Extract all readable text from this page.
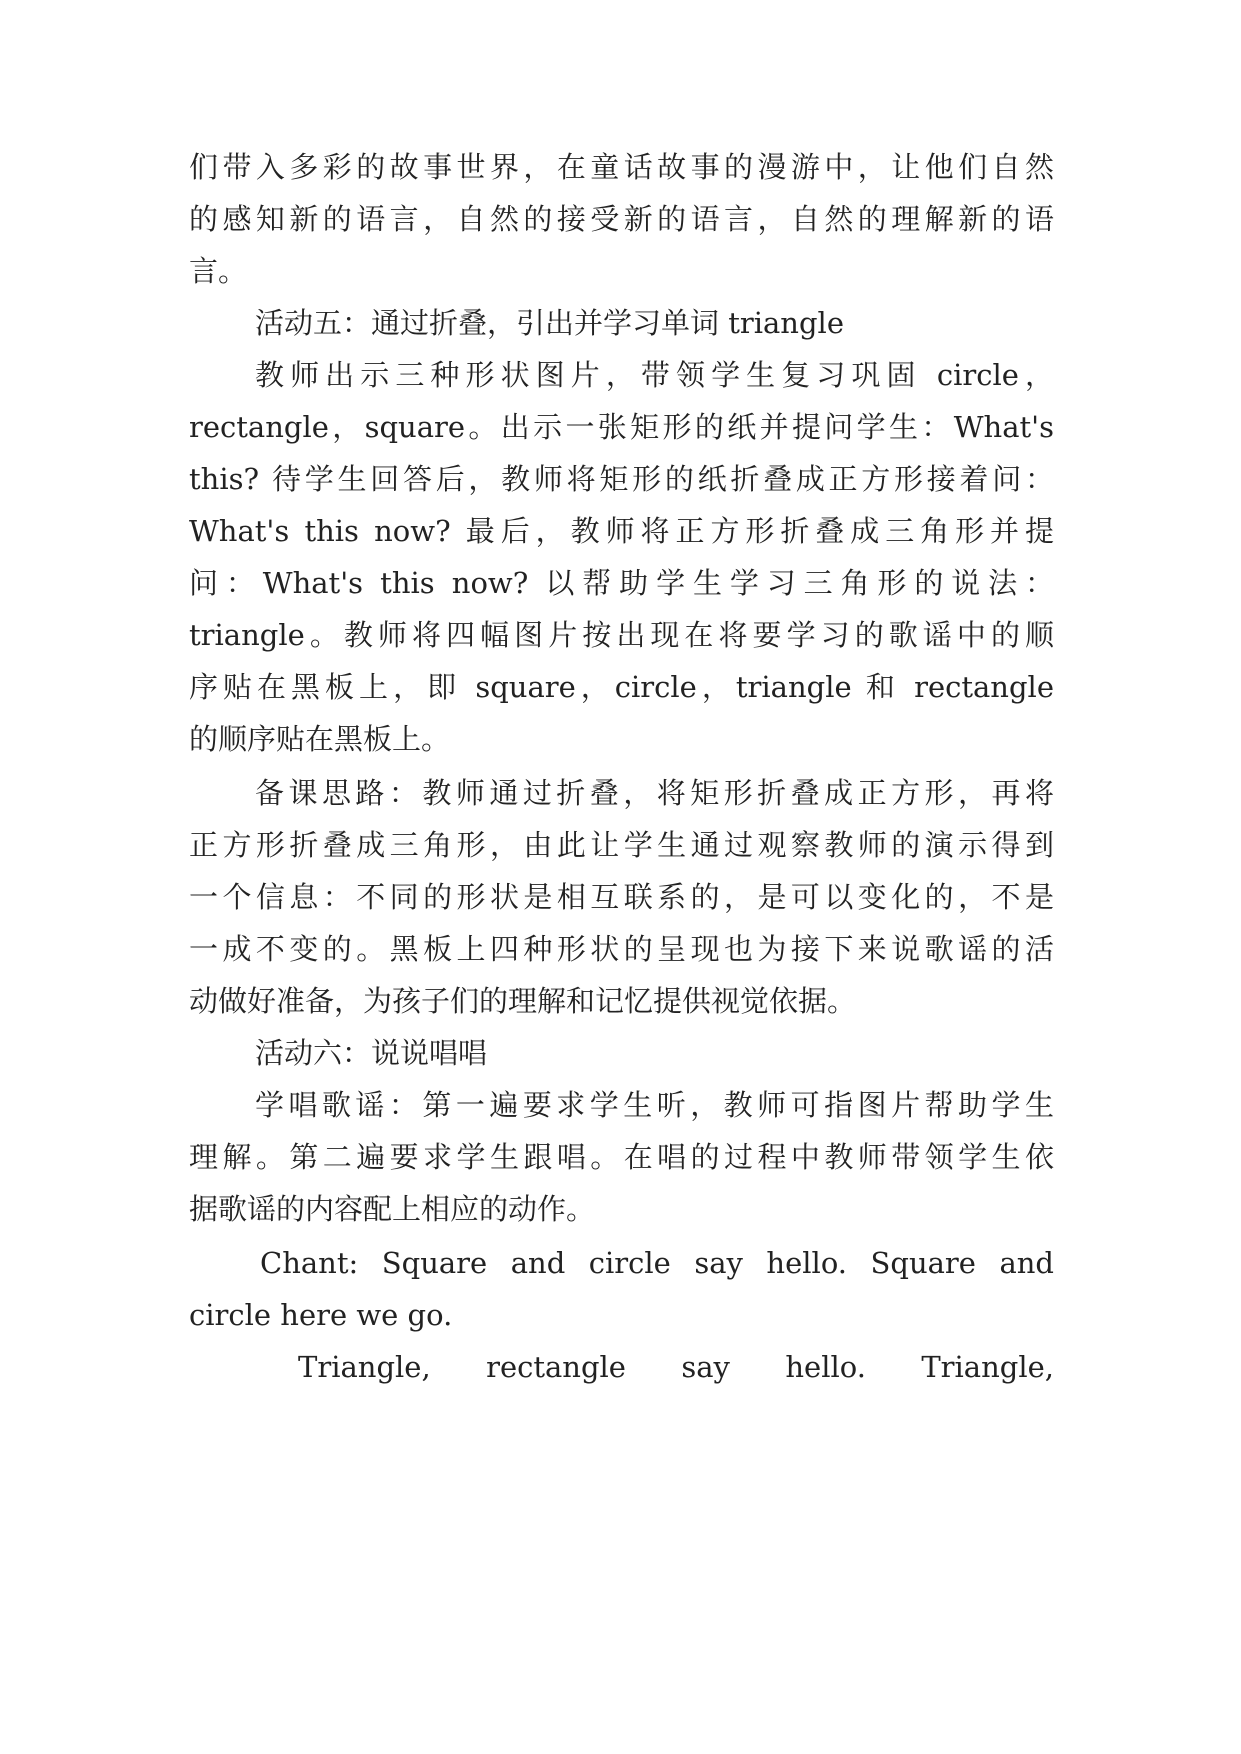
们带入多彩的故事世界，在童话故事的漫游中，让他们自然
的感知新的语言，自然的接受新的语言，自然的理解新的语
言。
活动五：通过折叠，引出并学习单词 triangle
教师出示三种形状图片，带领学生复习巩固 circle，
rectangle，square。出示一张矩形的纸并提问学生：What's
this? 待学生回答后，教师将矩形的纸折叠成正方形接着问：
What's this now? 最后，教师将正方形折叠成三角形并提
问：What's this now? 以帮助学生学习三角形的说法：
triangle。教师将四幅图片按出现在将要学习的歌谣中的顺
序贴在黑板上，即 square，circle，triangle 和 rectangle
的顺序贴在黑板上。
备课思路：教师通过折叠，将矩形折叠成正方形，再将
正方形折叠成三角形，由此让学生通过观察教师的演示得到
一个信息：不同的形状是相互联系的，是可以变化的，不是
一成不变的。黑板上四种形状的呈现也为接下来说歌谣的活
动做好准备，为孩子们的理解和记忆提供视觉依据。
活动六：说说唱唱
学唱歌谣：第一遍要求学生听，教师可指图片帮助学生
理解。第二遍要求学生跟唱。在唱的过程中教师带领学生依
据歌谣的内容配上相应的动作。
Chant: Square and circle say hello. Square and
circle here we go.
Triangle, rectangle say hello. Triangle,
